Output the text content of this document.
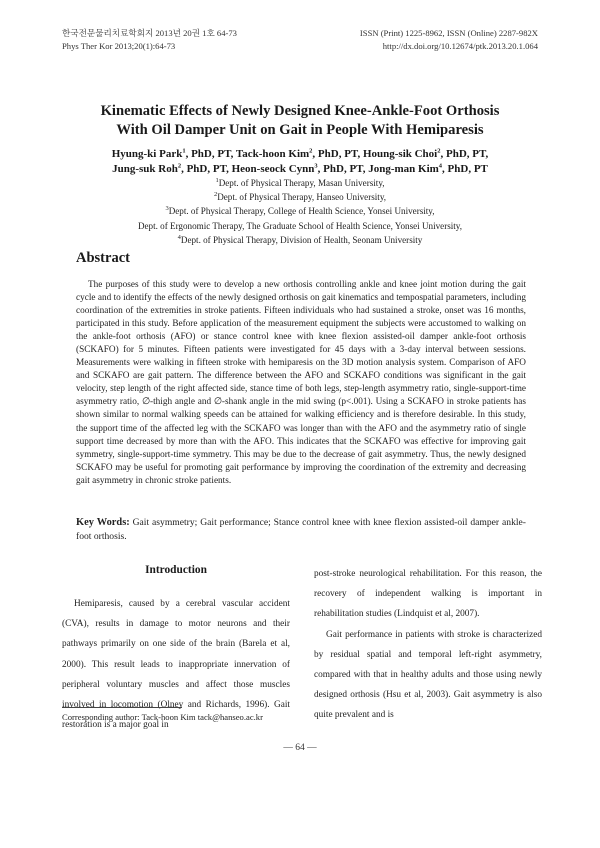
한국전문물리치료학회지 2013년 20권 1호 64-73
Phys Ther Kor 2013;20(1):64-73
ISSN (Print) 1225-8962, ISSN (Online) 2287-982X
http://dx.doi.org/10.12674/ptk.2013.20.1.064
Kinematic Effects of Newly Designed Knee-Ankle-Foot Orthosis
With Oil Damper Unit on Gait in People With Hemiparesis
Hyung-ki Park$^1$, PhD, PT, Tack-hoon Kim$^2$, PhD, PT, Houng-sik Choi$^2$, PhD, PT,
Jung-suk Roh$^2$, PhD, PT, Heon-seock Cynn$^3$, PhD, PT, Jong-man Kim$^4$, PhD, PT
$^1$Dept. of Physical Therapy, Masan University,
$^2$Dept. of Physical Therapy, Hanseo University,
$^3$Dept. of Physical Therapy, College of Health Science, Yonsei University,
Dept. of Ergonomic Therapy, The Graduate School of Health Science, Yonsei University,
$^4$Dept. of Physical Therapy, Division of Health, Seonam University
Abstract
The purposes of this study were to develop a new orthosis controlling ankle and knee joint motion during the gait cycle and to identify the effects of the newly designed orthosis on gait kinematics and tempospatial parameters, including coordination of the extremities in stroke patients. Fifteen individuals who had sustained a stroke, onset was 16 months, participated in this study. Before application of the measurement equipment the subjects were accustomed to walking on the ankle-foot orthosis (AFO) or stance control knee with knee flexion assisted-oil damper ankle-foot orthosis (SCKAFO) for 5 minutes. Fifteen patients were investigated for 45 days with a 3-day interval between sessions. Measurements were walking in fifteen stroke with hemiparesis on the 3D motion analysis system. Comparison of AFO and SCKAFO are gait pattern. The difference between the AFO and SCKAFO conditions was significant in the gait velocity, step length of the right affected side, stance time of both legs, step-length asymmetry ratio, single-support-time asymmetry ratio, ∅-thigh angle and ∅-shank angle in the mid swing (p<.001). Using a SCKAFO in stroke patients has shown similar to normal walking speeds can be attained for walking efficiency and is therefore desirable. In this study, the support time of the affected leg with the SCKAFO was longer than with the AFO and the asymmetry ratio of single support time decreased by more than with the AFO. This indicates that the SCKAFO was effective for improving gait symmetry, single-support-time symmetry. This may be due to the decrease of gait asymmetry. Thus, the newly designed SCKAFO may be useful for promoting gait performance by improving the coordination of the extremity and decreasing gait asymmetry in chronic stroke patients.
Key Words: Gait asymmetry; Gait performance; Stance control knee with knee flexion assisted-oil damper ankle-foot orthosis.
Introduction

Hemiparesis, caused by a cerebral vascular accident (CVA), results in damage to motor neurons and their pathways primarily on one side of the brain (Barela et al, 2000). This result leads to inappropriate innervation of peripheral voluntary muscles and affect those muscles involved in locomotion (Olney and Richards, 1996). Gait restoration is a major goal in

post-stroke neurological rehabilitation. For this reason, the recovery of independent walking is important in rehabilitation studies (Lindquist et al, 2007).

Gait performance in patients with stroke is characterized by residual spatial and temporal left-right asymmetry, compared with that in healthy adults and those using newly designed orthosis (Hsu et al, 2003). Gait asymmetry is also quite prevalent and is

Corresponding author: Tack-hoon Kim tack@hanseo.ac.kr
— 64 —
